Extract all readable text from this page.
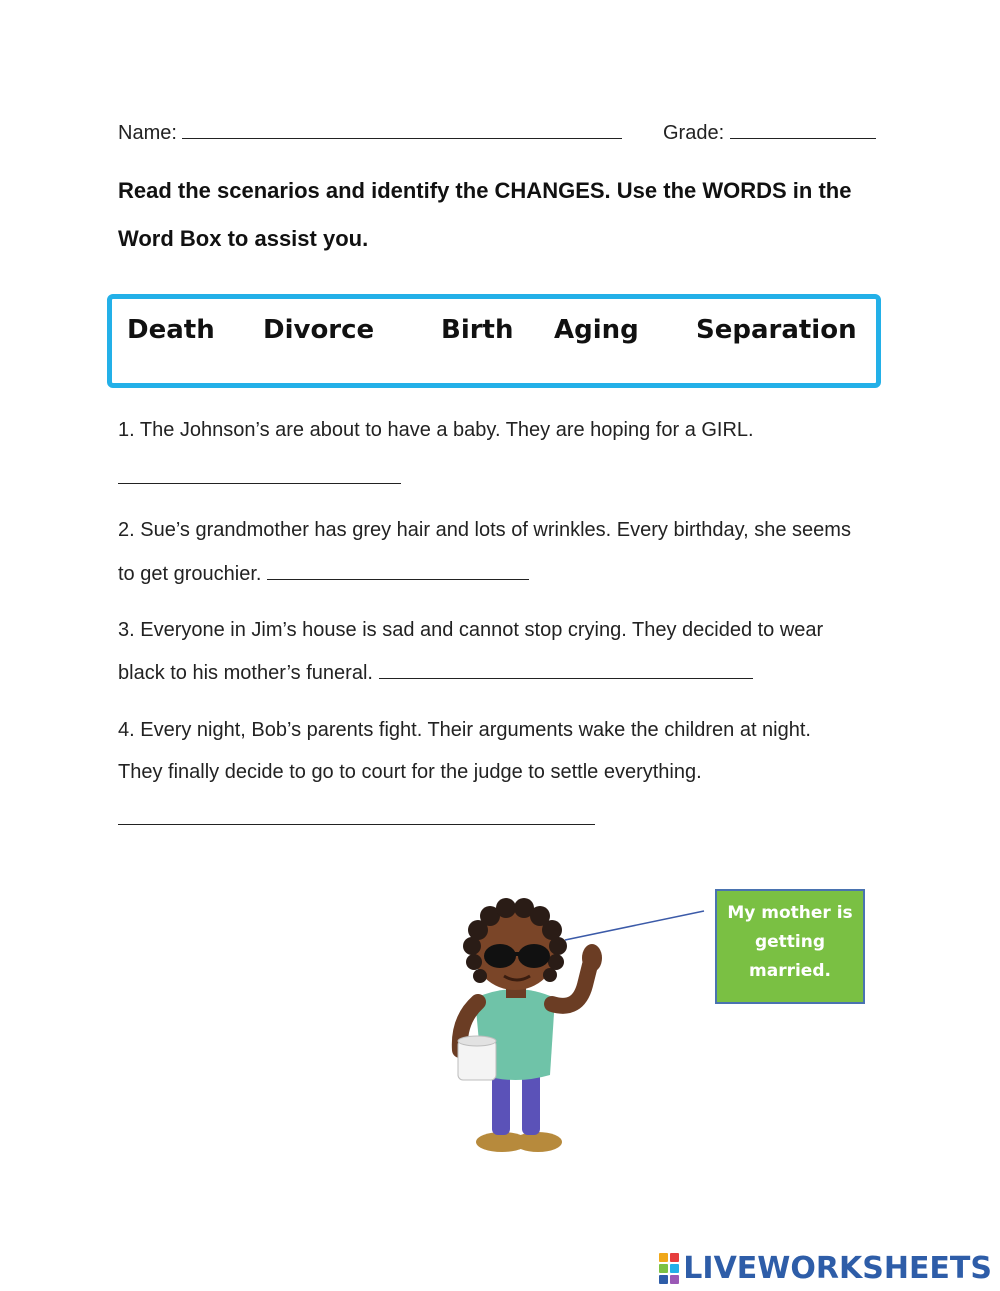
Name:	Grade:
Read the scenarios and identify the CHANGES. Use the WORDS in the
Word Box to assist you.
Death Divorce	Birth Aging Separation
1. The Johnson’s are about to have a baby. They are hoping for a GIRL.
2. Sue’s grandmother has grey hair and lots of wrinkles. Every birthday, she seems
to get grouchier.
3. Everyone in Jim’s house is sad and cannot stop crying. They decided to wear
black to his mother’s funeral.
4. Every night, Bob’s parents fight. Their arguments wake the children at night.
They finally decide to go to court for the judge to settle everything.
My mother is
getting
married.
LIVEWORKSHEETS
